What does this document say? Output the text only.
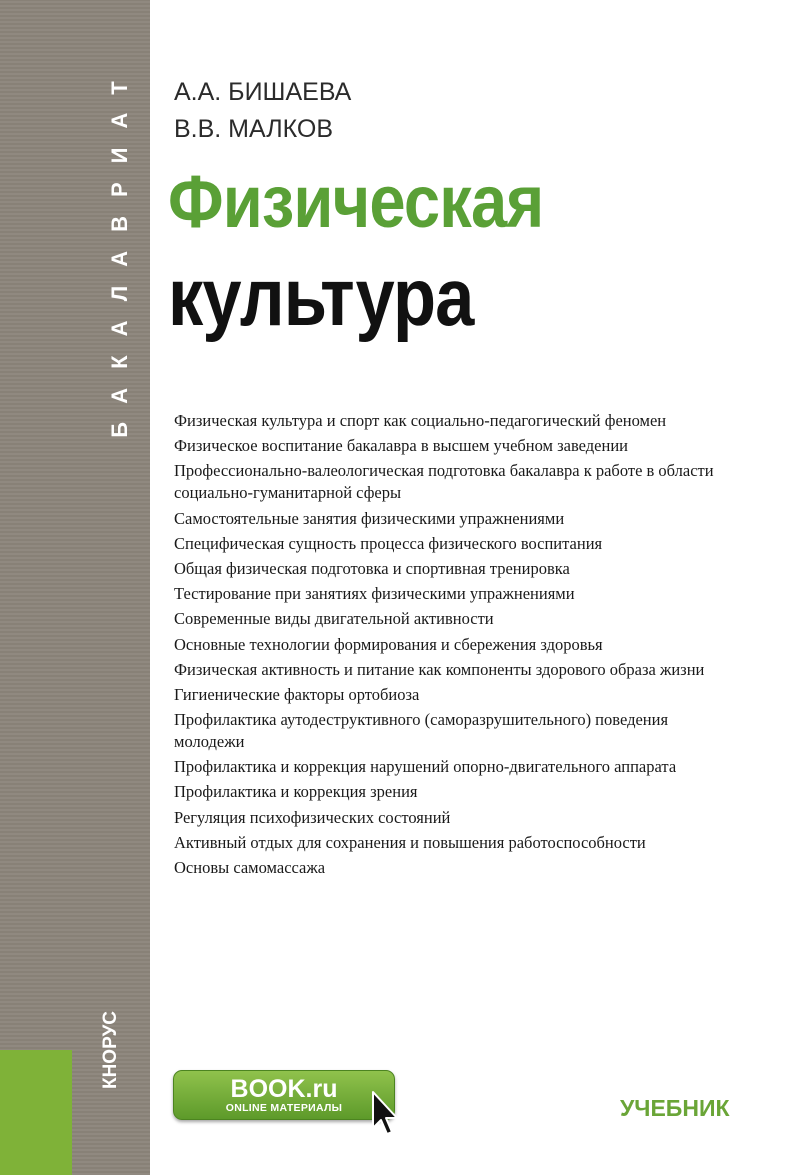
БАКАЛАВРИАТ
КНОРУС
А.А. БИШАЕВА
В.В. МАЛКОВ
Физическая
культура
Физическая культура и спорт как социально-педагогический феномен
Физическое воспитание бакалавра в высшем учебном заведении
Профессионально-валеологическая подготовка бакалавра к работе в области социально-гуманитарной сферы
Самостоятельные занятия физическими упражнениями
Специфическая сущность процесса физического воспитания
Общая физическая подготовка и спортивная тренировка
Тестирование при занятиях физическими упражнениями
Современные виды двигательной активности
Основные технологии формирования и сбережения здоровья
Физическая активность и питание как компоненты здорового образа жизни
Гигиенические факторы ортобиоза
Профилактика аутодеструктивного (саморазрушительного) поведения молодежи
Профилактика и коррекция нарушений опорно-двигательного аппарата
Профилактика и коррекция зрения
Регуляция психофизических состояний
Активный отдых для сохранения и повышения работоспособности
Основы самомассажа
BOOK.ru
ONLINE МАТЕРИАЛЫ	УЧЕБНИК
